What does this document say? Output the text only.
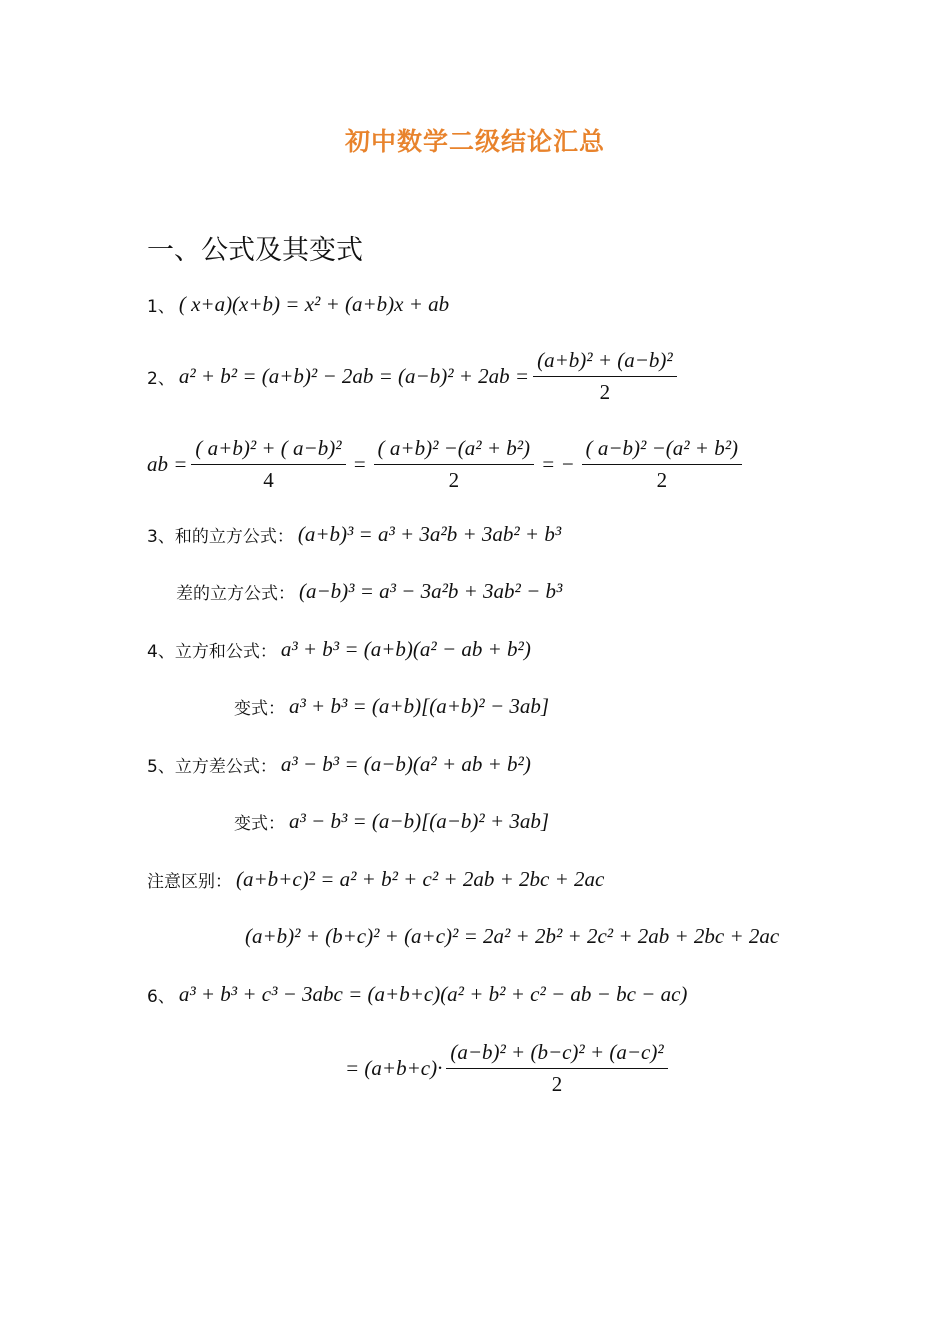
初中数学二级结论汇总
一、公式及其变式
1、 ( x+a)(x+b) = x² + (a+b)x + ab
2、 $a^2 + b^2 = (a+b)^2 - 2ab = (a-b)^2 + 2ab = \frac{\text{(a+b)² + (a−b)²}}{2}$
ab = $\frac{\text{( a+b)² + ( a−b)²}}{4} = \frac{\text{( a+b)² −(a² + b²)}}{2}$ = − $\frac{\text{( a−b)² −(a² + b²)}}{2}$
3、和的立方公式： (a+b)³ = a³ + 3a²b + 3ab² + b³
差的立方公式： (a−b)³ = a³ − 3a²b + 3ab² − b³
4、立方和公式： a³ + b³ = (a+b)(a² − ab + b²)
变式： a³ + b³ = (a+b)[(a+b)² − 3ab]
5、立方差公式： a³ − b³ = (a−b)(a² + ab + b²)
变式： a³ − b³ = (a−b)[(a−b)² + 3ab]
注意区别： (a+b+c)² = a² + b² + c² + 2ab + 2bc + 2ac
(a+b)² + (b+c)² + (a+c)² = 2a² + 2b² + 2c² + 2ab + 2bc + 2ac
6、 a³ + b³ + c³ − 3abc = (a+b+c)(a² + b² + c² − ab − bc − ac)
= $(a+b+c)\cdot \frac{\text{(a−b)² + (b−c)² + (a−c)²}}{2}$
